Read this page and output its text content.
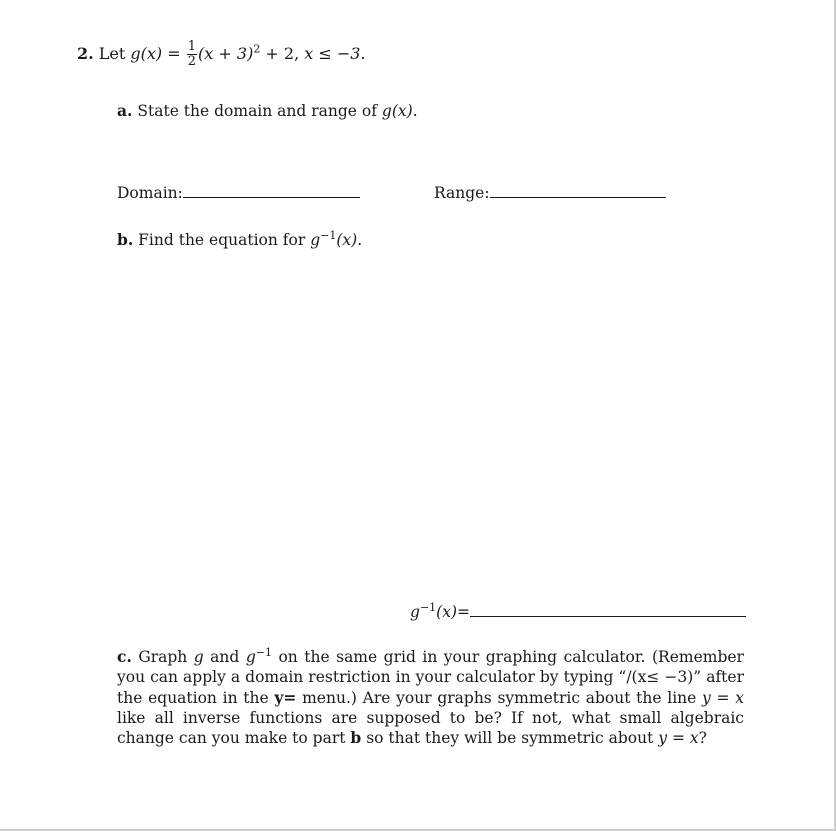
2. Let $g(x) = \frac{1}{2} (x + 3)^2 + 2$, x ≤ −3.
a. State the domain and range of g(x).
Domain:	Range:
b. Find the equation for $g^{-1}(x)$.
$g^{-1}(x)=$
c. Graph g and $g^{-1}$ on the same grid in your graphing calculator. (Remember you can apply a domain restriction in your calculator by typing “/(x≤ −3)” after the equation in the y= menu.) Are your graphs symmetric about the line y = x like all inverse functions are supposed to be? If not, what small algebraic change can you make to part b so that they will be symmetric about y = x?
